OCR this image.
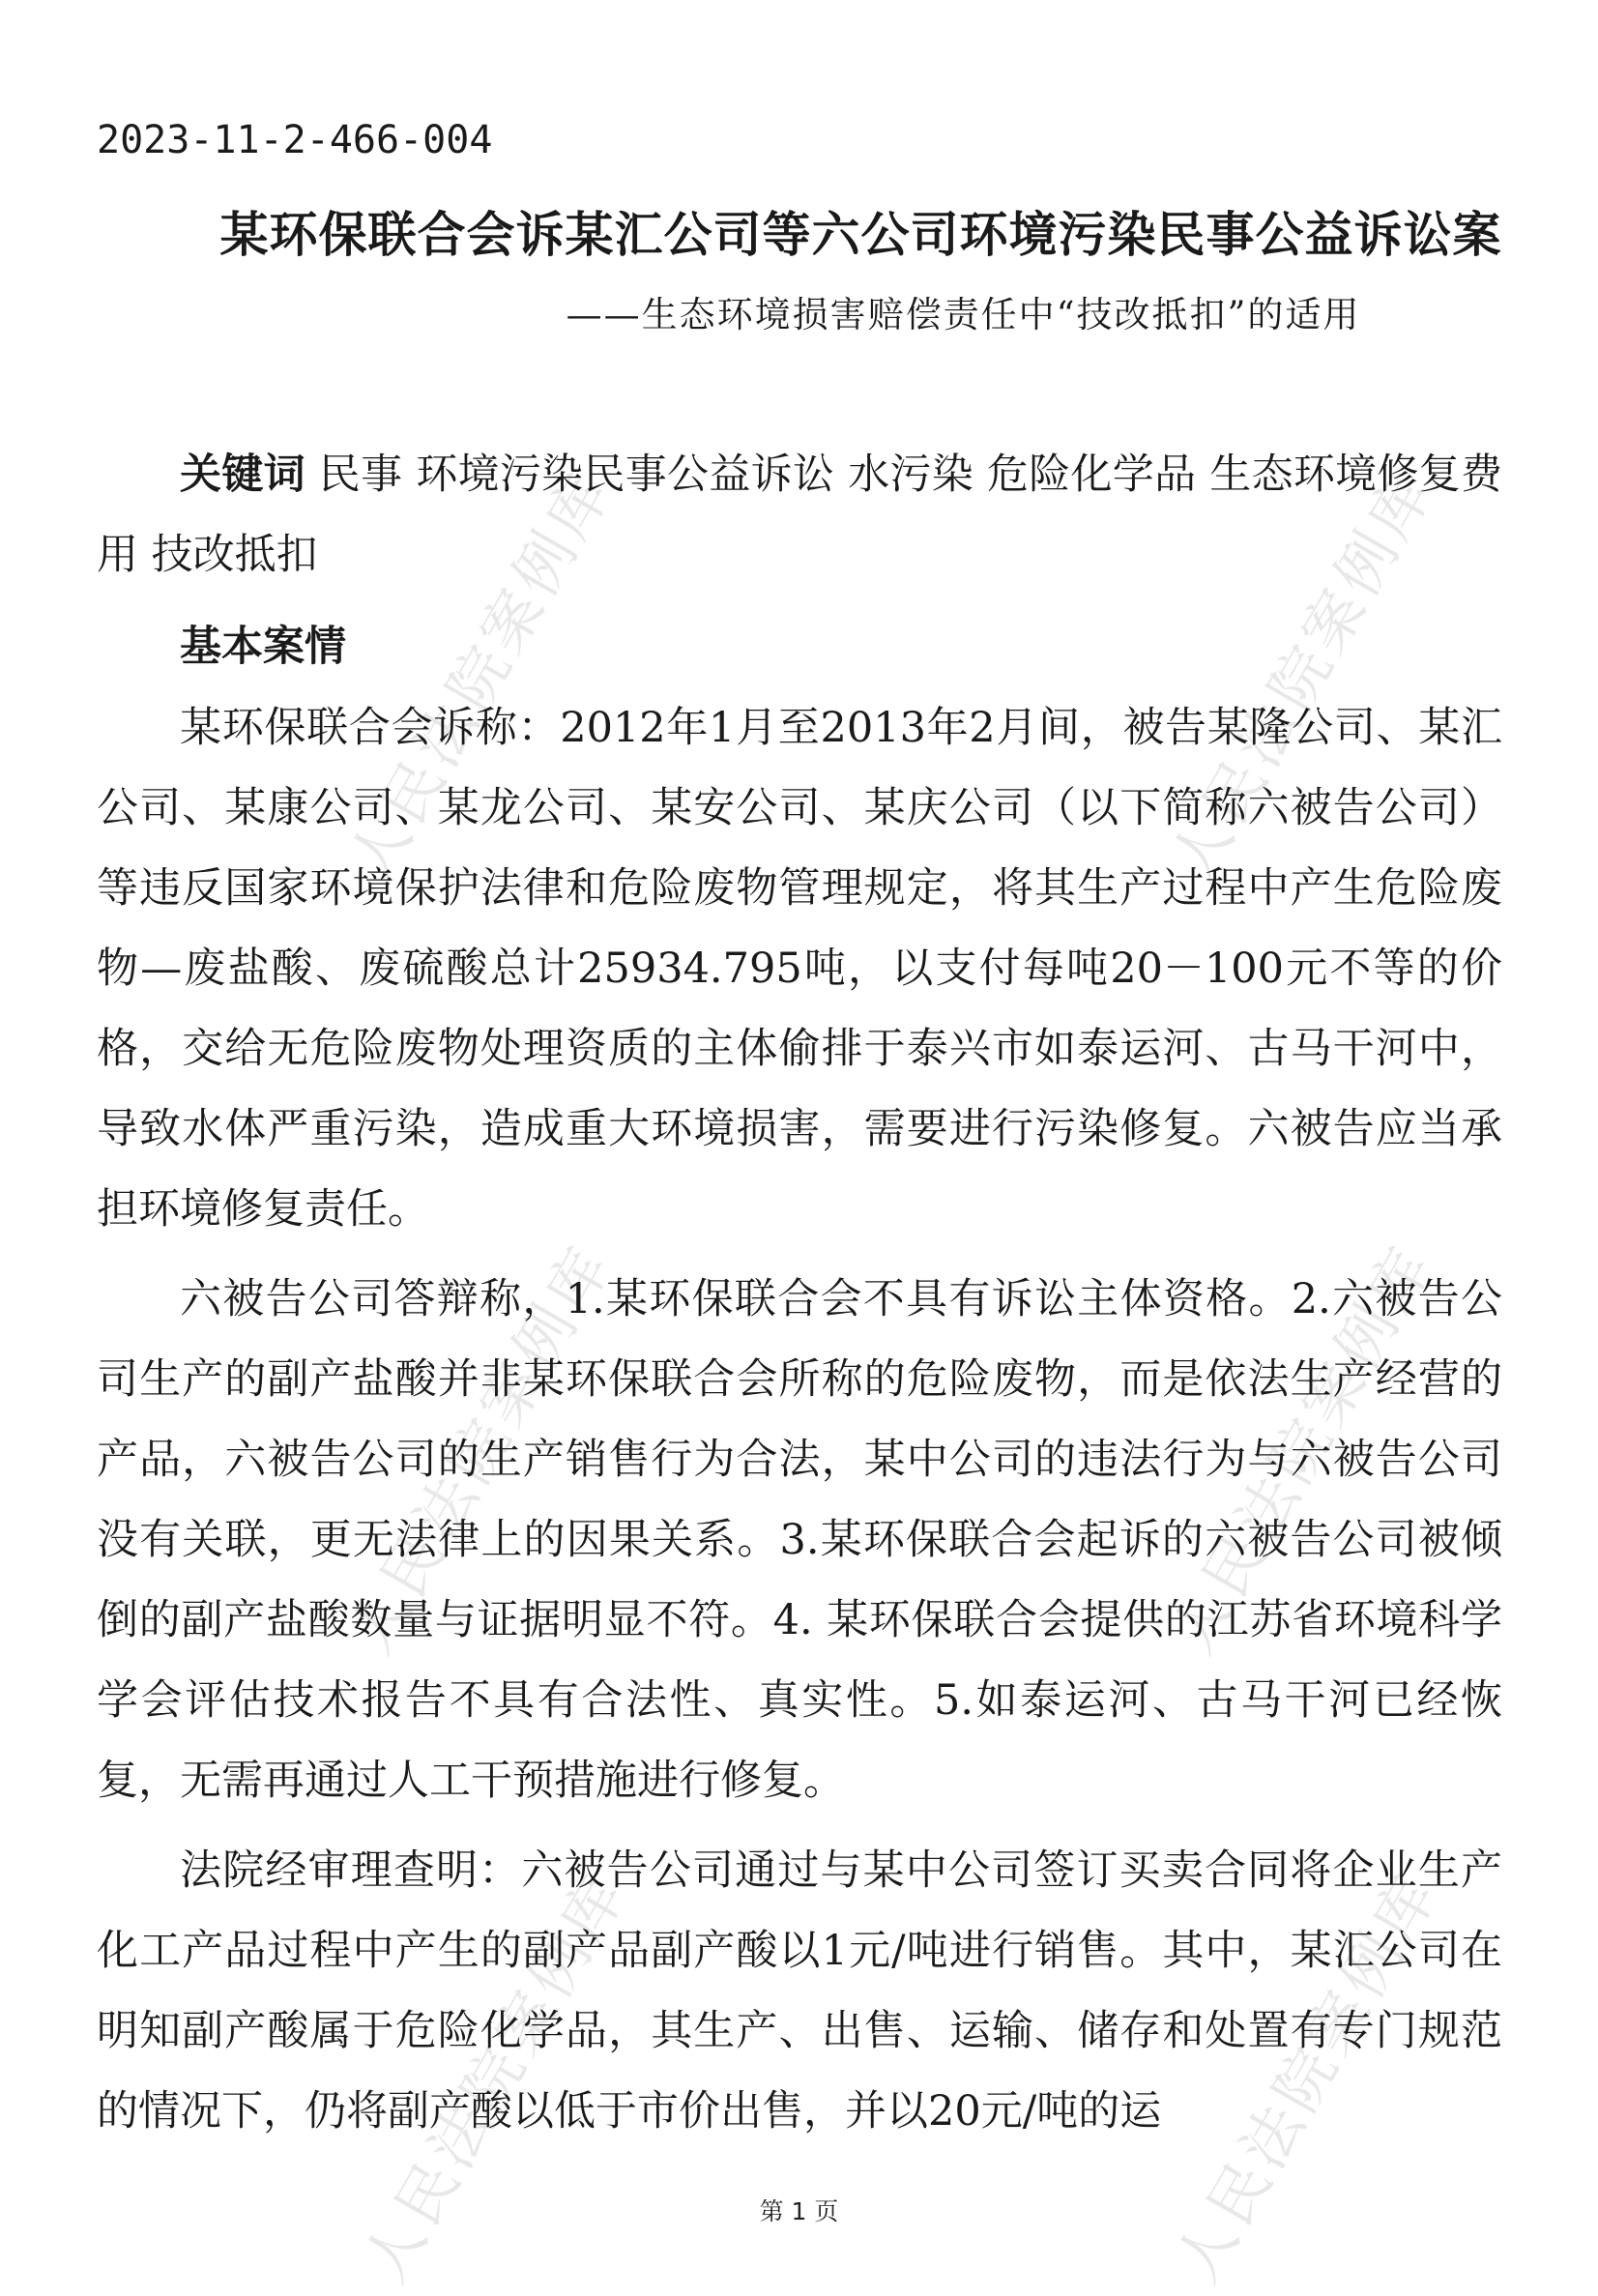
人民法院案例库	人民法院案例库
人民法院案例库	人民法院案例库
人民法院案例库	人民法院案例库
2023-11-2-466-004
某环保联合会诉某汇公司等六公司环境污染民事公益诉讼案
——生态环境损害赔偿责任中“技改抵扣”的适用

关键词 民事 环境污染民事公益诉讼 水污染 危险化学品 生态环境修复费用 技改抵扣

基本案情

某环保联合会诉称：2012年1月至2013年2月间，被告某隆公司、某汇公司、某康公司、某龙公司、某安公司、某庆公司（以下简称六被告公司）等违反国家环境保护法律和危险废物管理规定，将其生产过程中产生危险废物—废盐酸、废硫酸总计25934.795吨，以支付每吨20－100元不等的价格，交给无危险废物处理资质的主体偷排于泰兴市如泰运河、古马干河中，导致水体严重污染，造成重大环境损害，需要进行污染修复。六被告应当承担环境修复责任。

六被告公司答辩称，1.某环保联合会不具有诉讼主体资格。2.六被告公司生产的副产盐酸并非某环保联合会所称的危险废物，而是依法生产经营的产品，六被告公司的生产销售行为合法，某中公司的违法行为与六被告公司没有关联，更无法律上的因果关系。3.某环保联合会起诉的六被告公司被倾倒的副产盐酸数量与证据明显不符。4. 某环保联合会提供的江苏省环境科学学会评估技术报告不具有合法性、真实性。5.如泰运河、古马干河已经恢复，无需再通过人工干预措施进行修复。

法院经审理查明：六被告公司通过与某中公司签订买卖合同将企业生产化工产品过程中产生的副产品副产酸以1元/吨进行销售。其中，某汇公司在明知副产酸属于危险化学品，其生产、出售、运输、储存和处置有专门规范的情况下，仍将副产酸以低于市价出售，并以20元/吨的运

第 1 页
